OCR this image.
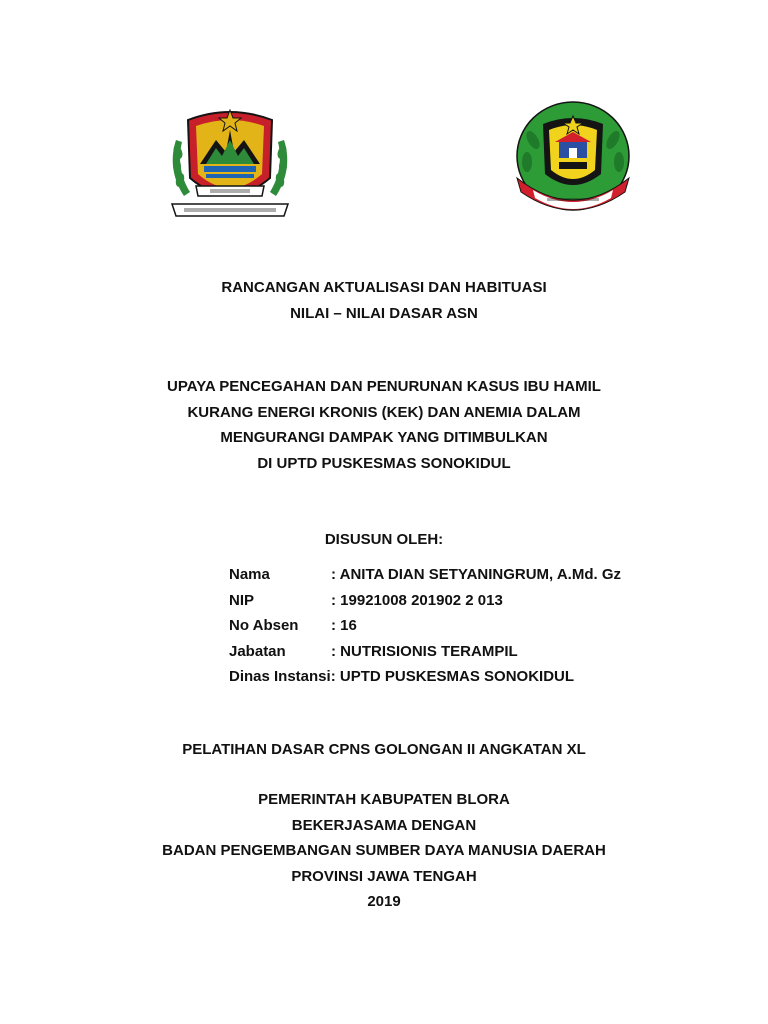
RANCANGAN AKTUALISASI DAN HABITUASI
NILAI – NILAI DASAR ASN
UPAYA PENCEGAHAN DAN PENURUNAN KASUS IBU HAMIL
KURANG ENERGI KRONIS (KEK) DAN ANEMIA DALAM
MENGURANGI DAMPAK YANG DITIMBULKAN
DI UPTD PUSKESMAS SONOKIDUL
DISUSUN OLEH:
Nama	: ANITA DIAN SETYANINGRUM, A.Md. Gz
NIP	: 19921008 201902 2 013
No Absen : 16
Jabatan	: NUTRISIONIS TERAMPIL
Dinas Instansi: UPTD PUSKESMAS SONOKIDUL
PELATIHAN DASAR CPNS GOLONGAN II ANGKATAN XL
PEMERINTAH KABUPATEN BLORA
BEKERJASAMA DENGAN
BADAN PENGEMBANGAN SUMBER DAYA MANUSIA DAERAH
PROVINSI JAWA TENGAH
2019
